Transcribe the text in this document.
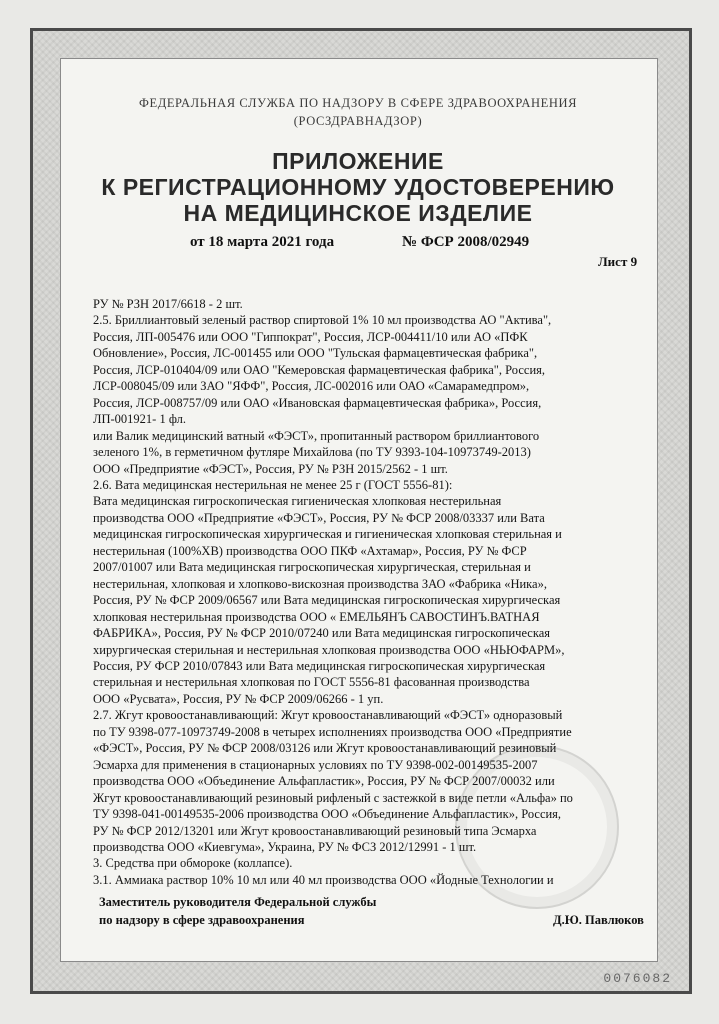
ФЕДЕРАЛЬНАЯ СЛУЖБА ПО НАДЗОРУ В СФЕРЕ ЗДРАВООХРАНЕНИЯ
(РОСЗДРАВНАДЗОР)
ПРИЛОЖЕНИЕ
К РЕГИСТРАЦИОННОМУ УДОСТОВЕРЕНИЮ
НА МЕДИЦИНСКОЕ ИЗДЕЛИЕ
от 18 марта 2021 года	№ ФСР 2008/02949
Лист 9

РУ № РЗН 2017/6618 - 2 шт.

2.5. Бриллиантовый зеленый раствор спиртовой 1% 10 мл производства АО "Актива",

Россия, ЛП-005476 или ООО "Гиппократ", Россия, ЛСР-004411/10 или АО «ПФК

Обновление», Россия, ЛС-001455 или ООО "Тульская фармацевтическая фабрика",

Россия, ЛСР-010404/09 или ОАО "Кемеровская фармацевтическая фабрика", Россия,

ЛСР-008045/09 или ЗАО "ЯФФ", Россия, ЛС-002016 или ОАО «Самарамедпром»,

Россия, ЛСР-008757/09 или ОАО «Ивановская фармацевтическая фабрика», Россия,

ЛП-001921- 1 фл.

или Валик медицинский ватный «ФЭСТ», пропитанный раствором бриллиантового

зеленого 1%, в герметичном футляре Михайлова (по ТУ 9393-104-10973749-2013)

ООО «Предприятие «ФЭСТ», Россия, РУ № РЗН 2015/2562 - 1 шт.

2.6. Вата медицинская нестерильная не менее 25 г (ГОСТ 5556-81):

Вата медицинская гигроскопическая гигиеническая хлопковая нестерильная

производства ООО «Предприятие «ФЭСТ», Россия, РУ № ФСР 2008/03337 или Вата

медицинская гигроскопическая хирургическая и гигиеническая хлопковая стерильная и

нестерильная (100%ХВ) производства ООО ПКФ «Ахтамар», Россия, РУ № ФСР

2007/01007 или Вата медицинская гигроскопическая хирургическая, стерильная и

нестерильная, хлопковая и хлопково-вискозная производства ЗАО «Фабрика «Ника»,

Россия, РУ № ФСР 2009/06567 или Вата медицинская гигроскопическая хирургическая

хлопковая нестерильная производства ООО « ЕМЕЛЬЯНЪ САВОСТИНЪ.ВАТНАЯ

ФАБРИКА», Россия, РУ № ФСР 2010/07240 или Вата медицинская гигроскопическая

хирургическая стерильная и нестерильная хлопковая производства ООО «НЬЮФАРМ»,

Россия, РУ ФСР 2010/07843 или Вата медицинская гигроскопическая хирургическая

стерильная и нестерильная хлопковая по ГОСТ 5556-81 фасованная производства

ООО «Русвата», Россия, РУ № ФСР 2009/06266 - 1 уп.

2.7. Жгут кровоостанавливающий: Жгут кровоостанавливающий «ФЭСТ» одноразовый

по ТУ 9398-077-10973749-2008 в четырех исполнениях производства ООО «Предприятие

«ФЭСТ», Россия, РУ № ФСР 2008/03126 или Жгут кровоостанавливающий резиновый

Эсмарха для применения в стационарных условиях по ТУ 9398-002-00149535-2007

производства ООО «Объединение Альфапластик», Россия, РУ № ФСР 2007/00032 или

Жгут кровоостанавливающий резиновый рифленый с застежкой в виде петли «Альфа» по

ТУ 9398-041-00149535-2006 производства ООО «Объединение Альфапластик», Россия,

РУ № ФСР 2012/13201 или Жгут кровоостанавливающий резиновый типа Эсмарха

производства ООО «Киевгума», Украина, РУ № ФСЗ 2012/12991 - 1 шт.

3. Средства при обмороке (коллапсе).

3.1. Аммиака раствор 10% 10 мл или 40 мл производства ООО «Йодные Технологии и

Заместитель руководителя Федеральной службы
по надзору в сфере здравоохранения	Д.Ю. Павлюков
0076082
